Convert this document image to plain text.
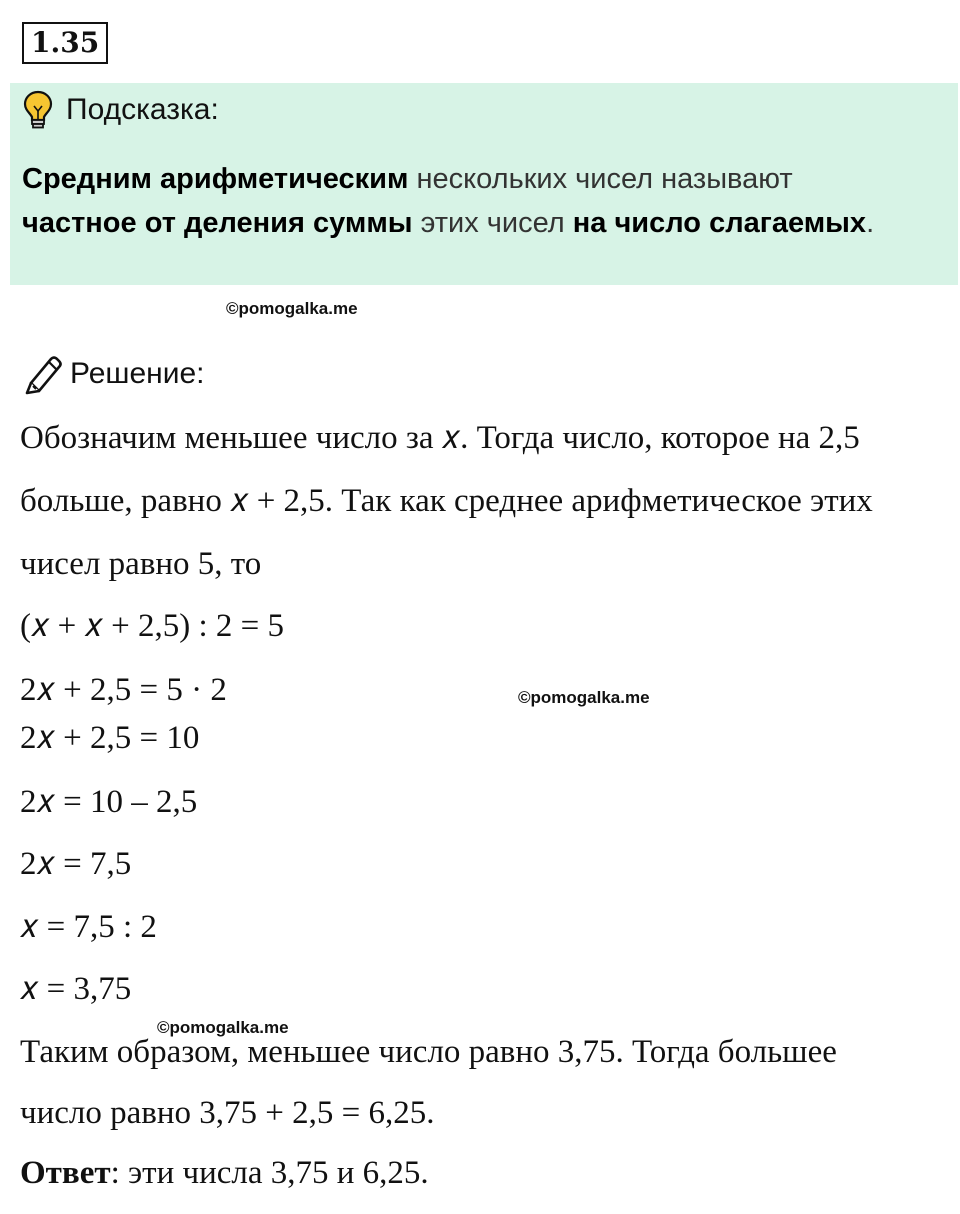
1.35
Подсказка:
Средним арифметическим нескольких чисел называют
частное от деления суммы этих чисел на число слагаемых.
©pomogalka.me
Решение:
Обозначим меньшее число за 𝑥. Тогда число, которое на 2,5
больше, равно 𝑥 + 2,5. Так как среднее арифметическое этих
чисел равно 5, то
(𝑥 + 𝑥 + 2,5) : 2 = 5
2𝑥 + 2,5 = 5 · 2
2𝑥 + 2,5 = 10
2𝑥 = 10 – 2,5
2𝑥 = 7,5
𝑥 = 7,5 : 2
𝑥 = 3,75
©pomogalka.me
©pomogalka.me
Таким образом, меньшее число равно 3,75. Тогда большее
число равно 3,75 + 2,5 = 6,25.
Ответ: эти числа 3,75 и 6,25.
